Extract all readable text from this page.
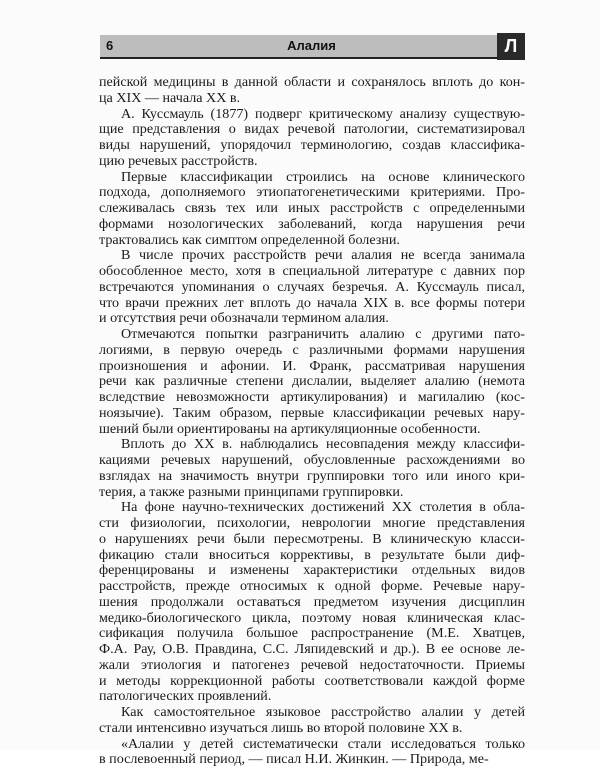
6	Алалия	Л
пейской медицины в данной области и сохранялось вплоть до кон-
ца XIX — начала XX в.
А. Куссмауль (1877) подверг критическому анализу существую-
щие представления о видах речевой патологии, систематизировал
виды нарушений, упорядочил терминологию, создав классифика-
цию речевых расстройств.
Первые классификации строились на основе клинического
подхода, дополняемого этиопатогенетическими критериями. Про-
слеживалась связь тех или иных расстройств с определенными
формами нозологических заболеваний, когда нарушения речи
трактовались как симптом определенной болезни.
В числе прочих расстройств речи алалия не всегда занимала
обособленное место, хотя в специальной литературе с давних пор
встречаются упоминания о случаях безречья. А. Куссмауль писал,
что врачи прежних лет вплоть до начала XIX в. все формы потери
и отсутствия речи обозначали термином алалия.
Отмечаются попытки разграничить алалию с другими пато-
логиями, в первую очередь с различными формами нарушения
произношения и афонии. И. Франк, рассматривая нарушения
речи как различные степени дислалии, выделяет алалию (немота
вследствие невозможности артикулирования) и магилалию (кос-
ноязычие). Таким образом, первые классификации речевых нару-
шений были ориентированы на артикуляционные особенности.
Вплоть до XX в. наблюдались несовпадения между классифи-
кациями речевых нарушений, обусловленные расхождениями во
взглядах на значимость внутри группировки того или иного кри-
терия, а также разными принципами группировки.
На фоне научно-технических достижений XX столетия в обла-
сти физиологии, психологии, неврологии многие представления
о нарушениях речи были пересмотрены. В клиническую класси-
фикацию стали вноситься коррективы, в результате были диф-
ференцированы и изменены характеристики отдельных видов
расстройств, прежде относимых к одной форме. Речевые нару-
шения продолжали оставаться предметом изучения дисциплин
медико-биологического цикла, поэтому новая клиническая клас-
сификация получила большое распространение (М.Е. Хватцев,
Ф.А. Рау, О.В. Правдина, С.С. Ляпидевский и др.). В ее основе ле-
жали этиология и патогенез речевой недостаточности. Приемы
и методы коррекционной работы соответствовали каждой форме
патологических проявлений.
Как самостоятельное языковое расстройство алалии у детей
стали интенсивно изучаться лишь во второй половине XX в.
«Алалии у детей систематически стали исследоваться только
в послевоенный период, — писал Н.И. Жинкин. — Природа, ме-
